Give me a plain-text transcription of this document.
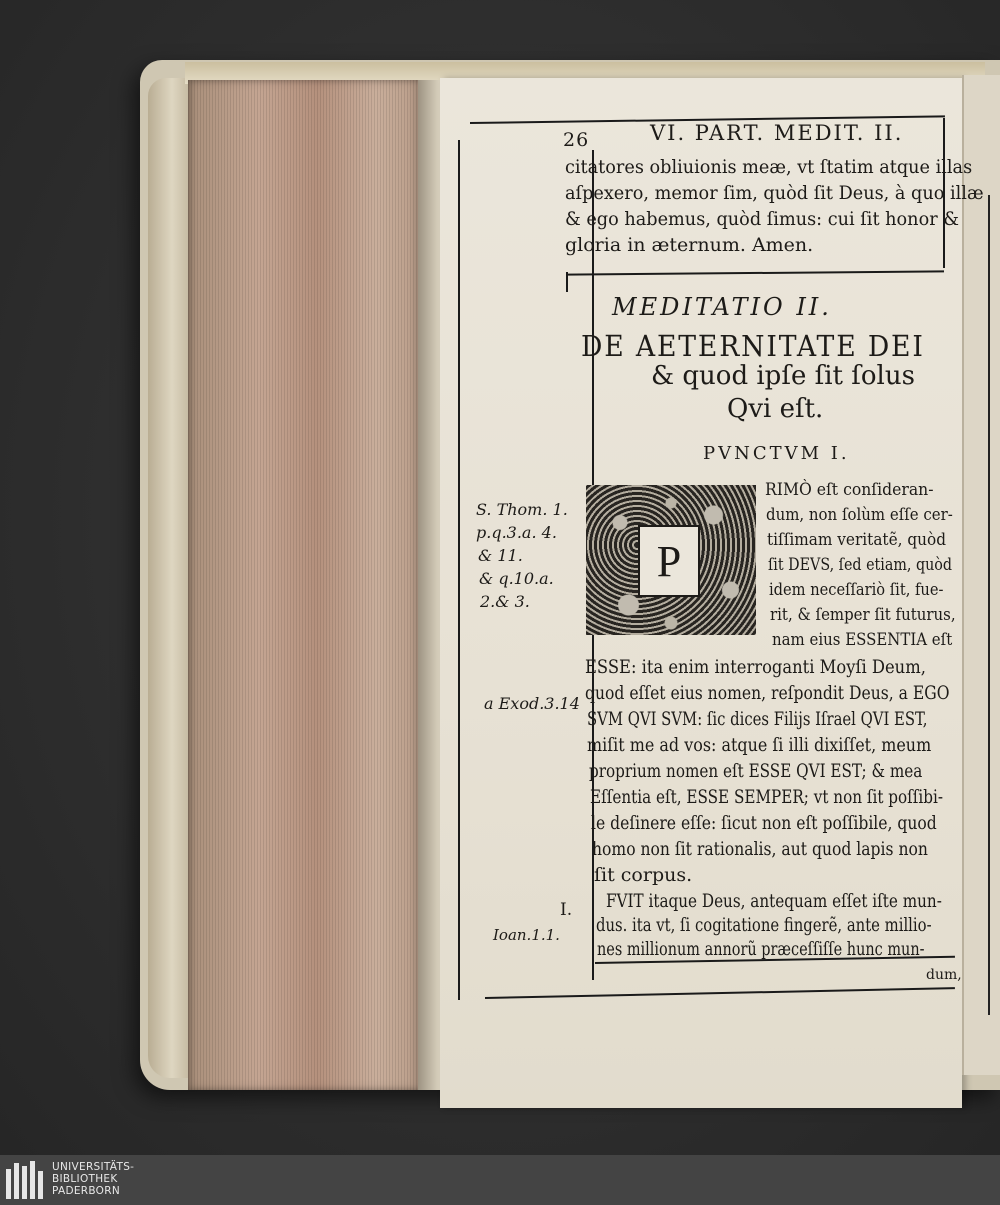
26	VI. PART. MEDIT. II.
citatores obliuionis meæ, vt ſtatim atque illas
aſpexero, memor ſim, quòd ſit Deus, à quo illæ
& ego habemus, quòd ſimus: cui ſit honor &
gloria in æternum. Amen.
MEDITATIO II.
DE AETERNITATE DEI
& quod ipſe ſit ſolus
Qvi eſt.
PVNCTVM I.
P
RIMÒ eſt conſideran-
dum, non ſolùm eſſe cer-
tiſſimam veritatẽ, quòd
ſit DEVS, ſed etiam, quòd
idem neceſſariò ſit, fue-
rit, & ſemper ſit futurus,
nam eius ESSENTIA eſt
ESSE: ita enim interroganti Moyſi Deum,
quod eſſet eius nomen, reſpondit Deus, a EGO
SVM QVI SVM: ſic dices Filijs Iſrael QVI EST,
miſit me ad vos: atque ſi illi dixiſſet, meum
proprium nomen eſt ESSE QVI EST; & mea
Eſſentia eſt, ESSE SEMPER; vt non ſit poſſibi-
le deſinere eſſe: ſicut non eſt poſſibile, quod
homo non ſit rationalis, aut quod lapis non
ſit corpus.
FVIT itaque Deus, antequam eſſet iſte mun-
dus. ita vt, ſi cogitatione fingerẽ, ante millio-
nes millionum annorũ præceſſiſſe hunc mun-
dum,
S. Thom. 1.
p.q.3.a. 4.
& 11.
& q.10.a.
2.& 3.
a Exod.3.14
I.
Ioan.1.1.
UNIVERSITÄTS-
BIBLIOTHEK
PADERBORN
